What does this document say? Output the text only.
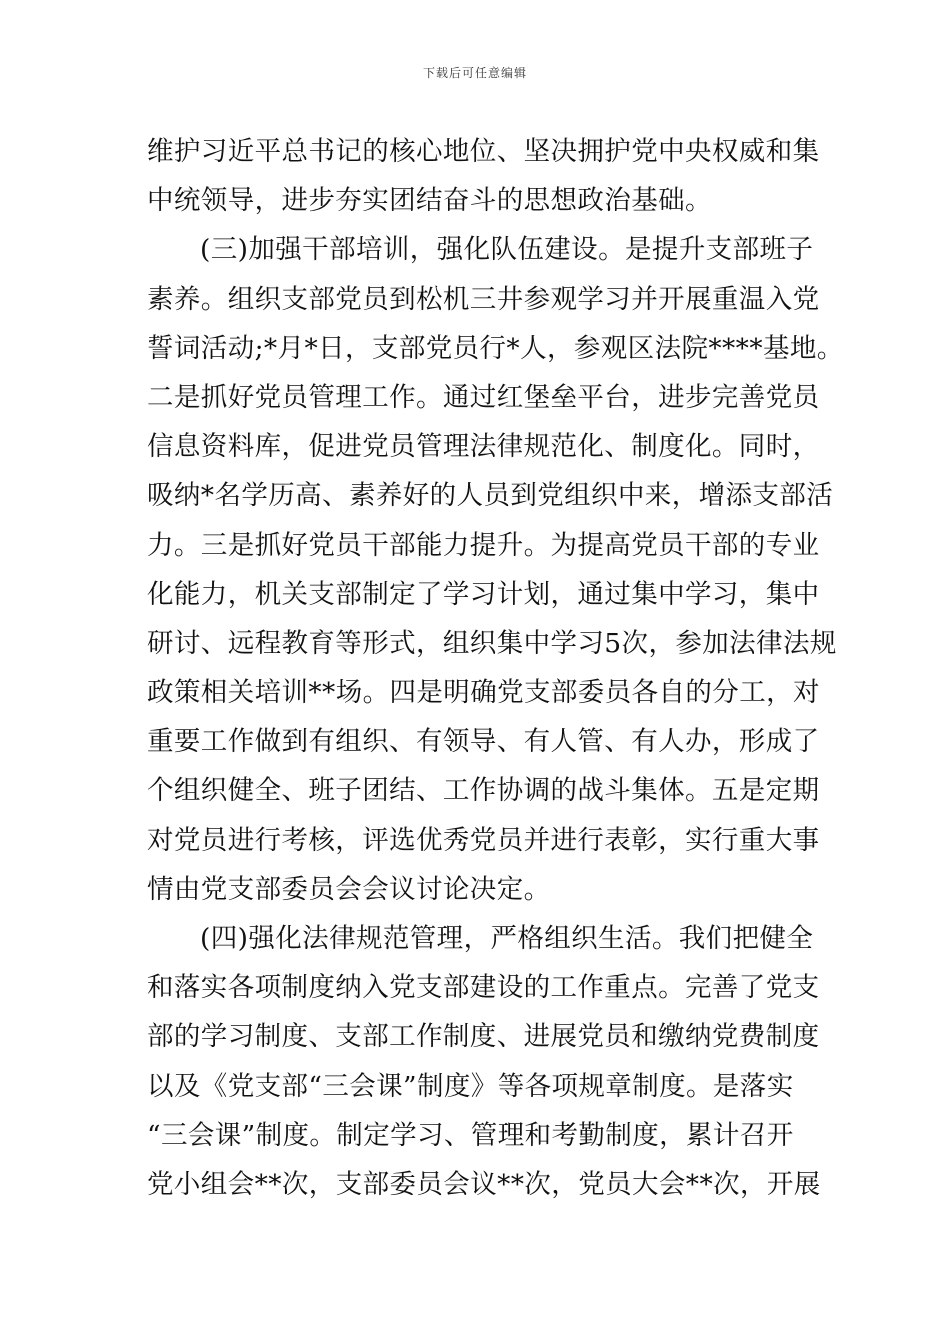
下载后可任意编辑
维护习近平总书记的核心地位、坚决拥护党中央权威和集
中统领导，进步夯实团结奋斗的思想政治基础。
(三)加强干部培训，强化队伍建设。是提升支部班子
素养。组织支部党员到松机三井参观学习并开展重温入党
誓词活动;*月*日，支部党员行*人，参观区法院****基地。
二是抓好党员管理工作。通过红堡垒平台，进步完善党员
信息资料库，促进党员管理法律规范化、制度化。同时，
吸纳*名学历高、素养好的人员到党组织中来，增添支部活
力。三是抓好党员干部能力提升。为提高党员干部的专业
化能力，机关支部制定了学习计划，通过集中学习，集中
研讨、远程教育等形式，组织集中学习5次，参加法律法规
政策相关培训**场。四是明确党支部委员各自的分工，对
重要工作做到有组织、有领导、有人管、有人办，形成了
个组织健全、班子团结、工作协调的战斗集体。五是定期
对党员进行考核，评选优秀党员并进行表彰，实行重大事
情由党支部委员会会议讨论决定。
(四)强化法律规范管理，严格组织生活。我们把健全
和落实各项制度纳入党支部建设的工作重点。完善了党支
部的学习制度、支部工作制度、进展党员和缴纳党费制度
以及《党支部“三会课”制度》等各项规章制度。是落实
“三会课”制度。制定学习、管理和考勤制度，累计召开
党小组会**次，支部委员会议**次，党员大会**次，开展
